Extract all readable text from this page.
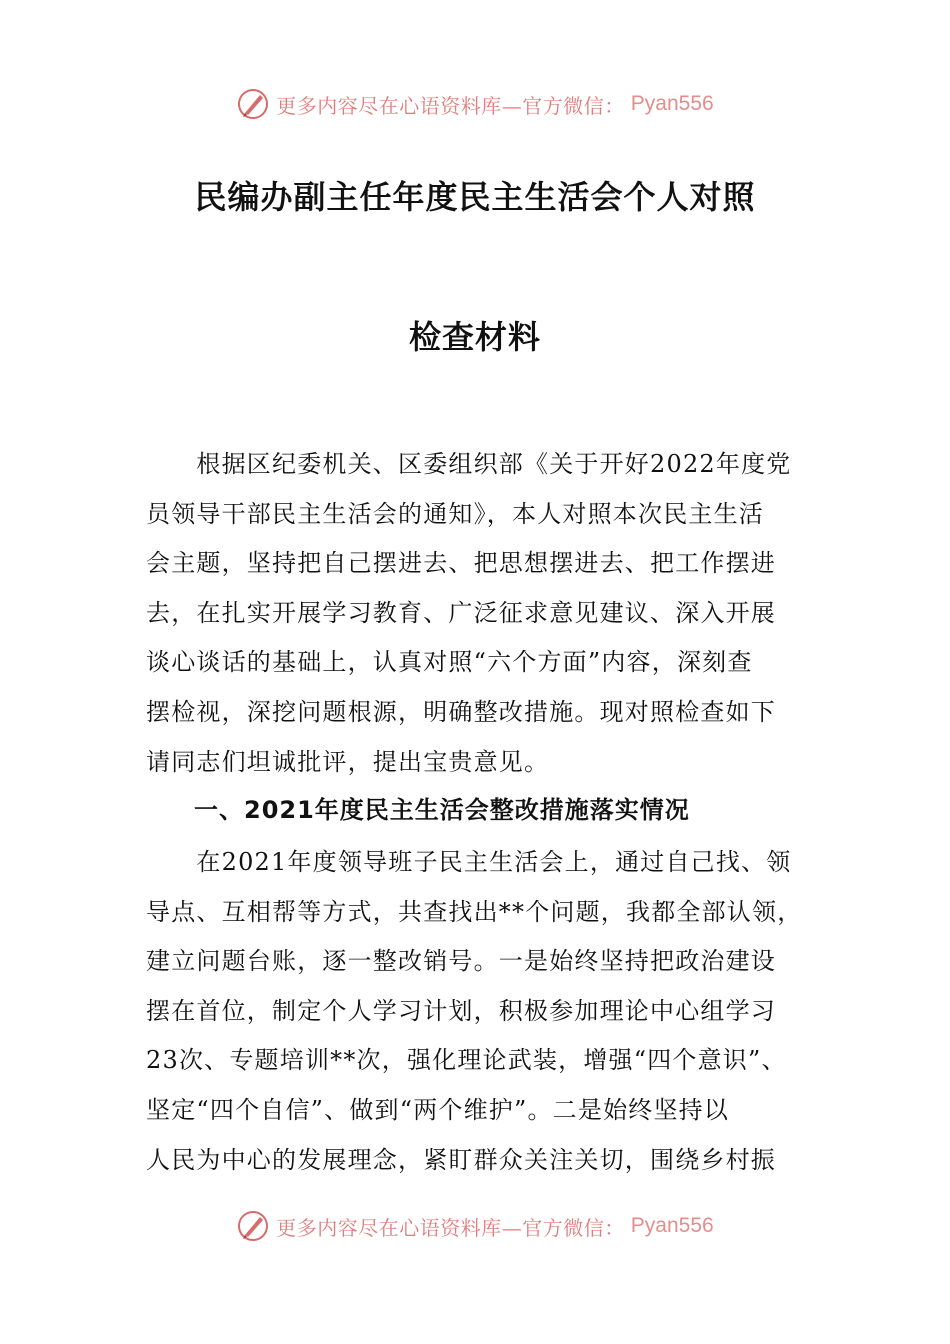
更多内容尽在心语资料库—官方微信： Pyan556
民编办副主任年度民主生活会个人对照
检查材料
　　根据区纪委机关、区委组织部《关于开好2022年度党
员领导干部民主生活会的通知》，本人对照本次民主生活
会主题，坚持把自己摆进去、把思想摆进去、把工作摆进
去，在扎实开展学习教育、广泛征求意见建议、深入开展
谈心谈话的基础上，认真对照“六个方面”内容，深刻查
摆检视，深挖问题根源，明确整改措施。现对照检查如下
请同志们坦诚批评，提出宝贵意见。
一、2021年度民主生活会整改措施落实情况
　　在2021年度领导班子民主生活会上，通过自己找、领
导点、互相帮等方式，共查找出**个问题，我都全部认领，
建立问题台账，逐一整改销号。一是始终坚持把政治建设
摆在首位，制定个人学习计划，积极参加理论中心组学习
23次、专题培训**次，强化理论武装，增强“四个意识”、
坚定“四个自信”、做到“两个维护”。二是始终坚持以
人民为中心的发展理念，紧盯群众关注关切，围绕乡村振
更多内容尽在心语资料库—官方微信： Pyan556
